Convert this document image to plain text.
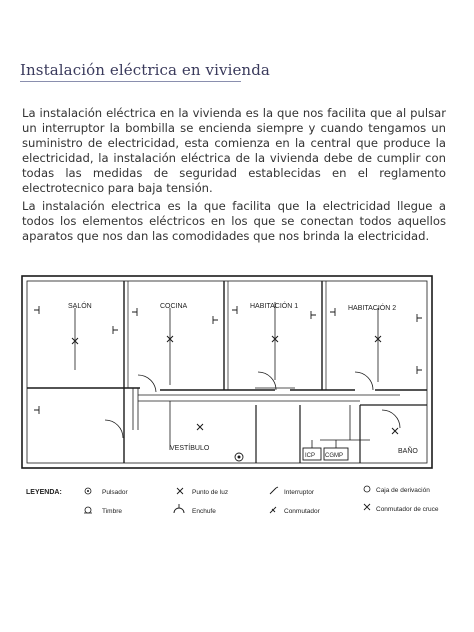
Instalación eléctrica en vivienda

La instalación eléctrica en la vivienda es la que nos facilita que al pulsar un interruptor la bombilla se encienda siempre y cuando tengamos un suministro de electricidad, esta comienza en la central que produce la electricidad, la instalación eléctrica de la vivienda debe de cumplir con todas las medidas de seguridad establecidas en el reglamento electrotecnico para baja tensión.

La instalación electrica es la que facilita que la electricidad llegue a todos los elementos eléctricos en los que se conectan todos aquellos aparatos que nos dan las comodidades que nos brinda la electricidad.

SALÓN	COCINA	HABITACIÓN 1	HABITACIÓN 2
VESTÍBULO	BAÑO
ICP CGMP
LEYENDA:	Pulsador	Punto de luz	Interruptor	Caja de derivación
Timbre	Enchufe	Conmutador	Conmutador de cruce
